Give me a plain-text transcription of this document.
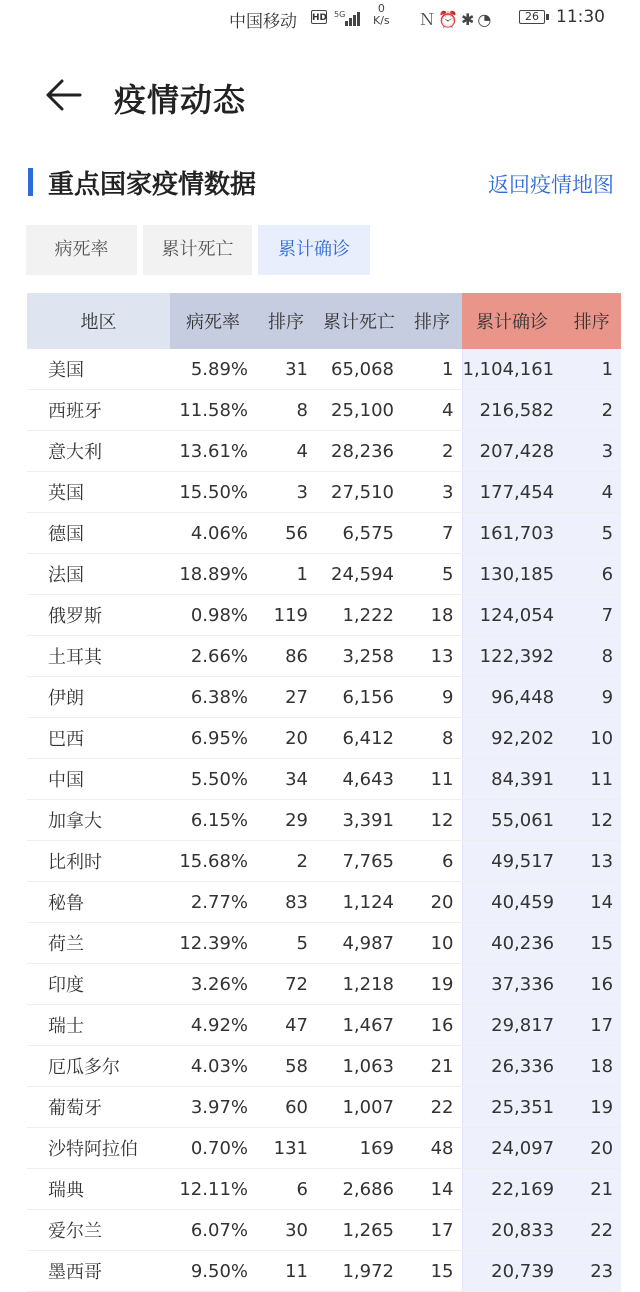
中国移动 HD 5G	0
K/s Ｎ⏰✱◔	26	11:30
疫情动态
重点国家疫情数据	返回疫情地图
病死率	累计死亡	累计确诊
地区	病死率	排序	累计死亡	排序	累计确诊	排序
美国	5.89%	31	65,068	1	1,104,161	1
西班牙	11.58%	8	25,100	4	216,582	2
意大利	13.61%	4	28,236	2	207,428	3
英国	15.50%	3	27,510	3	177,454	4
德国	4.06%	56	6,575	7	161,703	5
法国	18.89%	1	24,594	5	130,185	6
俄罗斯	0.98%	119	1,222	18	124,054	7
土耳其	2.66%	86	3,258	13	122,392	8
伊朗	6.38%	27	6,156	9	96,448	9
巴西	6.95%	20	6,412	8	92,202	10
中国	5.50%	34	4,643	11	84,391	11
加拿大	6.15%	29	3,391	12	55,061	12
比利时	15.68%	2	7,765	6	49,517	13
秘鲁	2.77%	83	1,124	20	40,459	14
荷兰	12.39%	5	4,987	10	40,236	15
印度	3.26%	72	1,218	19	37,336	16
瑞士	4.92%	47	1,467	16	29,817	17
厄瓜多尔	4.03%	58	1,063	21	26,336	18
葡萄牙	3.97%	60	1,007	22	25,351	19
沙特阿拉伯	0.70%	131	169	48	24,097	20
瑞典	12.11%	6	2,686	14	22,169	21
爱尔兰	6.07%	30	1,265	17	20,833	22
墨西哥	9.50%	11	1,972	15	20,739	23
